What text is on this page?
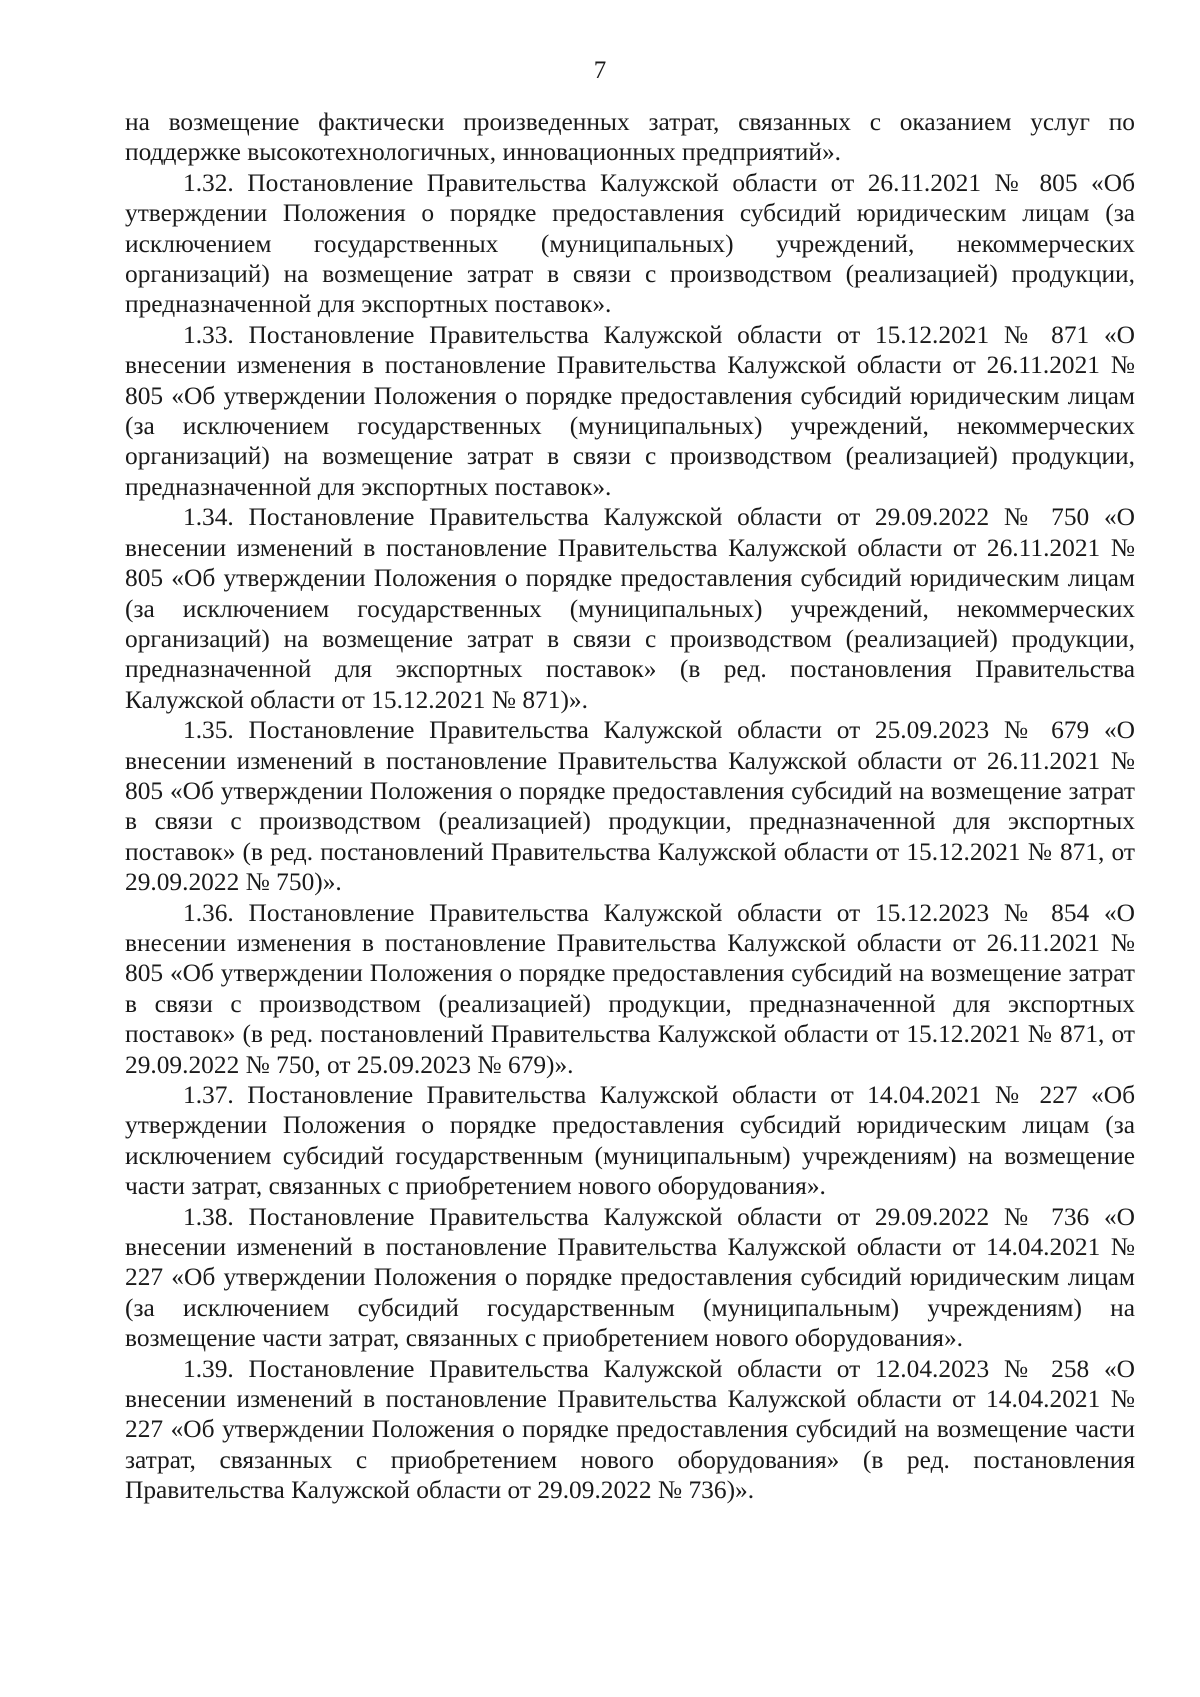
7

на возмещение фактически произведенных затрат, связанных с оказанием услуг по поддержке высокотехнологичных, инновационных предприятий».

1.32. Постановление Правительства Калужской области от 26.11.2021 № 805 «Об утверждении Положения о порядке предоставления субсидий юридическим лицам (за исключением государственных (муниципальных) учреждений, некоммерческих организаций) на возмещение затрат в связи с производством (реализацией) продукции, предназначенной для экспортных поставок».

1.33. Постановление Правительства Калужской области от 15.12.2021 № 871 «О внесении изменения в постановление Правительства Калужской области от 26.11.2021 № 805 «Об утверждении Положения о порядке предоставления субсидий юридическим лицам (за исключением государственных (муниципальных) учреждений, некоммерческих организаций) на возмещение затрат в связи с производством (реализацией) продукции, предназначенной для экспортных поставок».

1.34. Постановление Правительства Калужской области от 29.09.2022 № 750 «О внесении изменений в постановление Правительства Калужской области от 26.11.2021 № 805 «Об утверждении Положения о порядке предоставления субсидий юридическим лицам (за исключением государственных (муниципальных) учреждений, некоммерческих организаций) на возмещение затрат в связи с производством (реализацией) продукции, предназначенной для экспортных поставок» (в ред. постановления Правительства Калужской области от 15.12.2021 № 871)».

1.35. Постановление Правительства Калужской области от 25.09.2023 № 679 «О внесении изменений в постановление Правительства Калужской области от 26.11.2021 № 805 «Об утверждении Положения о порядке предоставления субсидий на возмещение затрат в связи с производством (реализацией) продукции, предназначенной для экспортных поставок» (в ред. постановлений Правительства Калужской области от 15.12.2021 № 871, от 29.09.2022 № 750)».

1.36. Постановление Правительства Калужской области от 15.12.2023 № 854 «О внесении изменения в постановление Правительства Калужской области от 26.11.2021 № 805 «Об утверждении Положения о порядке предоставления субсидий на возмещение затрат в связи с производством (реализацией) продукции, предназначенной для экспортных поставок» (в ред. постановлений Правительства Калужской области от 15.12.2021 № 871, от 29.09.2022 № 750, от 25.09.2023 № 679)».

1.37. Постановление Правительства Калужской области от 14.04.2021 № 227 «Об утверждении Положения о порядке предоставления субсидий юридическим лицам (за исключением субсидий государственным (муниципальным) учреждениям) на возмещение части затрат, связанных с приобретением нового оборудования».

1.38. Постановление Правительства Калужской области от 29.09.2022 № 736 «О внесении изменений в постановление Правительства Калужской области от 14.04.2021 № 227 «Об утверждении Положения о порядке предоставления субсидий юридическим лицам (за исключением субсидий государственным (муниципальным) учреждениям) на возмещение части затрат, связанных с приобретением нового оборудования».

1.39. Постановление Правительства Калужской области от 12.04.2023 № 258 «О внесении изменений в постановление Правительства Калужской области от 14.04.2021 № 227 «Об утверждении Положения о порядке предоставления субсидий на возмещение части затрат, связанных с приобретением нового оборудования» (в ред. постановления Правительства Калужской области от 29.09.2022 № 736)».
